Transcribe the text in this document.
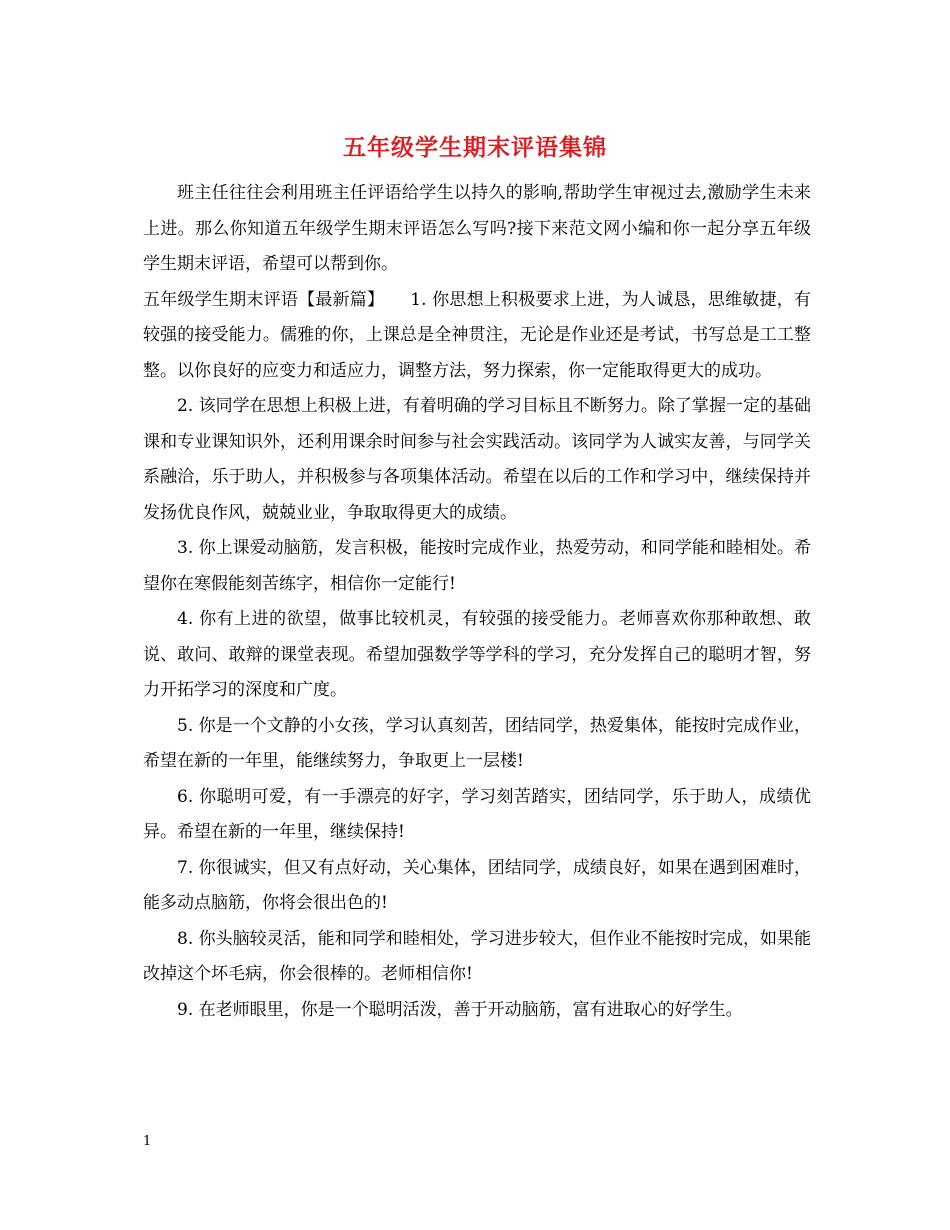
五年级学生期末评语集锦

班主任往往会利用班主任评语给学生以持久的影响,帮助学生审视过去,激励学生未来上进。那么你知道五年级学生期末评语怎么写吗?接下来范文网小编和你一起分享五年级学生期末评语，希望可以帮到你。

五年级学生期末评语【最新篇】 1. 你思想上积极要求上进，为人诚恳，思维敏捷，有较强的接受能力。儒雅的你，上课总是全神贯注，无论是作业还是考试，书写总是工工整整。以你良好的应变力和适应力，调整方法，努力探索，你一定能取得更大的成功。

2. 该同学在思想上积极上进，有着明确的学习目标且不断努力。除了掌握一定的基础课和专业课知识外，还利用课余时间参与社会实践活动。该同学为人诚实友善，与同学关系融洽，乐于助人，并积极参与各项集体活动。希望在以后的工作和学习中，继续保持并发扬优良作风，兢兢业业，争取取得更大的成绩。

3. 你上课爱动脑筋，发言积极，能按时完成作业，热爱劳动，和同学能和睦相处。希望你在寒假能刻苦练字，相信你一定能行!

4. 你有上进的欲望，做事比较机灵，有较强的接受能力。老师喜欢你那种敢想、敢说、敢问、敢辩的课堂表现。希望加强数学等学科的学习，充分发挥自己的聪明才智，努力开拓学习的深度和广度。

5. 你是一个文静的小女孩，学习认真刻苦，团结同学，热爱集体，能按时完成作业，希望在新的一年里，能继续努力，争取更上一层楼!

6. 你聪明可爱，有一手漂亮的好字，学习刻苦踏实，团结同学，乐于助人，成绩优异。希望在新的一年里，继续保持!

7. 你很诚实，但又有点好动，关心集体，团结同学，成绩良好，如果在遇到困难时，能多动点脑筋，你将会很出色的!

8. 你头脑较灵活，能和同学和睦相处，学习进步较大，但作业不能按时完成，如果能改掉这个坏毛病，你会很棒的。老师相信你!

9. 在老师眼里，你是一个聪明活泼，善于开动脑筋，富有进取心的好学生。

1
